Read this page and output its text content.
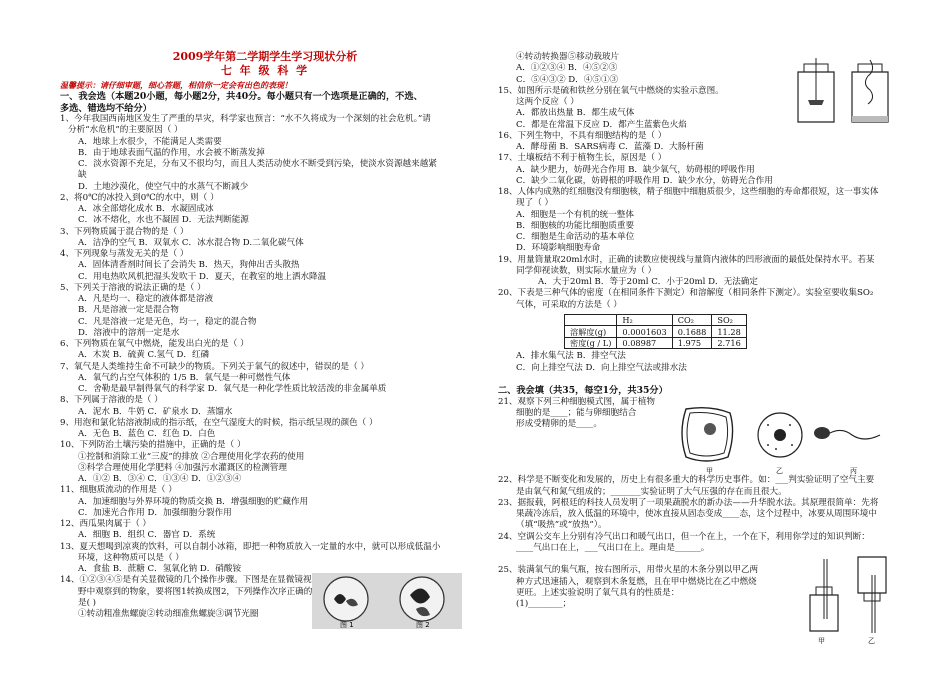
2009学年第二学期学生学习现状分析
七 年 级 科 学
温馨提示：请仔细审题，细心答题，相信你一定会有出色的表现！
一、我会选（本题20小题，每小题2分，共40分。每小题只有一个选项是正确的，不选、
多选、错选均不给分）
1、今年我国西南地区发生了严重的旱灾，科学家也预言：“水不久将成为一个深刻的社会危机。”请
分析“水危机”的主要原因（ ）
A．地球上水很少，不能满足人类需要
B．由于地球表面气温的作用，水会被不断蒸发掉
C．淡水资源不充足，分布又不很均匀，而且人类活动使水不断受到污染，使淡水资源越来越紧
缺
D．土地沙漠化，使空气中的水蒸气不断减少
2、将0℃的冰投入到0℃的水中，则（ ）
A．冰全部熔化成水 B．水凝固成冰
C．冰不熔化，水也不凝固 D．无法判断能源
3、下列物质属于混合物的是（ ）
A．洁净的空气 B．双氧水 C．冰水混合物 D.二氧化碳气体
4、下列现象与蒸发无关的是（ ）
A．固体清香剂时间长了会消失 B．热天，狗伸出舌头散热
C．用电热吹风机把湿头发吹干 D．夏天，在教室的地上洒水降温
5、下列关于溶液的说法正确的是（ ）
A．凡是均一、稳定的液体都是溶液
B．凡是溶液一定是混合物
C．凡是溶液一定是无色，均一，稳定的混合物
D．溶液中的溶剂一定是水
6、下列物质在氧气中燃烧，能发出白光的是（ ）
A．木炭 B．硫黄 C.氢气 D．红磷
7、氧气是人类维持生命不可缺少的物质。下列关于氧气的叙述中，错误的是（ ）
A．氧气约占空气体积的 1/5 B．氧气是一种可燃性气体
C．舍勒是最早制得氧气的科学家 D．氧气是一种化学性质比较活泼的非金属单质
8、下列属于溶液的是（ ）
A．泥水 B．牛奶 C．矿泉水 D．蒸馏水
9、用泡和氯化钴溶液制成的指示纸，在空气湿度大的时候，指示纸呈现的颜色（ ）
A．无色 B．蓝色 C．红色 D．白色
10、下列防治土壤污染的措施中，正确的是（ ）
①控制和消除工业“三废”的排放 ②合理使用化学农药的使用
③科学合理使用化学肥料 ④加强污水灌溉区的检测管理
A．①② B．③④ C．①③④ D．①②③④
11、细胞质流动的作用是（ ）
A．加速细胞与外界环境的物质交换 B．增强细胞的贮藏作用
C．加速光合作用 D．加强细胞分裂作用
12、西瓜果肉属于（ ）
A．细胞 B．组织 C．器官 D．系统
13、夏天想喝到凉爽的饮料，可以自制小冰箱，即把一种物质放入一定量的水中，就可以形成低温小
环境，这种物质可以是（ ）
A．食盐 B．蔗糖 C．氢氧化钠 D．硝酸铵
14、①②③④⑤是有关显微镜的几个操作步骤。下图是在显微镜视
野中观察到的物象，要将图1转换成图2，下列操作次序正确的
是( )
①转动粗准焦螺旋②转动细准焦螺旋③调节光圈
图 1	图 2
④转动转换器⑤移动载玻片
A．①②③④ B．④⑤②③
C．⑤④③② D．④⑤①③
15、如图所示是硫和铁丝分别在氧气中燃烧的实验示意图。
这两个反应（ ）
A．都放出热量 B．都生成气体
C．都是在常温下反应 D．都产生蓝紫色火焰
16、下列生物中，不具有细胞结构的是（ ）
A．酵母菌 B．SARS病毒 C．蓝藻 D．大肠杆菌
17、土壤板结不利于植物生长，原因是（ ）
A．缺少肥力，妨碍光合作用 B．缺少氧气，妨碍根的呼吸作用
C．缺少二氧化碳，妨碍根的呼吸作用 D．缺少水分，妨碍光合作用
18、人体内成熟的红细胞没有细胞核，精子细胞中细胞质很少，这些细胞的寿命都很短，这一事实体
现了（ ）
A．细胞是一个有机的统一整体
B．细胞核的功能比细胞质重要
C．细胞是生命活动的基本单位
D．环境影响细胞寿命
19、用量筒量取20ml水时，正确的读数应使视线与量筒内液体的凹形液面的最低处保持水平。若某
同学仰视读数，则实际水量应为（ ）
A．大于20ml B．等于20ml C．小于20ml D．无法确定
20、下表是三种气体的密度（在相同条件下测定）和溶解度（相同条件下测定）。实验室要收集SO₂
气体，可采取的方法是（ ）
	H₂	CO₂	SO₂
溶解度(g)	0.0001603	0.1688	11.28
密度(g / L)	0.08987	1.975	2.716
A．排水集气法 B．排空气法
C．向上排空气法 D．向上排空气法或排水法
二、我会填（共35，每空1分，共35分）
21、观察下列三种细胞模式图，属于植物
细胞的是____；能与卵细胞结合
形成受精卵的是____。
22、科学是不断变化和发展的，历史上有很多重大的科学历史事件。如：___判实验证明了空气主要
是由氧气和氮气组成的；_______实验证明了大气压强的存在而且很大。
23、据报载，阿根廷的科技人员发明了一项果蔬脱水的新办法——升华脱水法。其原理很简单：先将
果蔬冷冻后，放入低温的环境中，使冰直接从固态变成____态，这个过程中，冰要从周围环境中
（填“吸热”或“放热”）。
24、空调公交车上分别有冷气出口和暖气出口，但一个在上，一个在下，利用你学过的知识判断：
____气出口在上，___气出口在上。理由是______。
25、装满氧气的集气瓶，按右图所示，用带火星的木条分别以甲乙两
种方式迅速插入，观察到木条复燃，且在甲中燃烧比在乙中燃烧
更旺。上述实验说明了氧气具有的性质是：
(1)________；
甲	乙	丙
甲	乙
